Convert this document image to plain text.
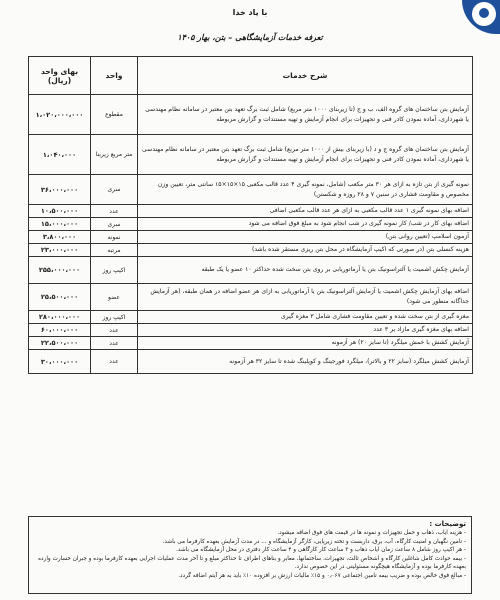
با یاد خدا
تعرفه خدمات آزمایشگاهی – بتن، بهار ۱۴۰۵
شرح خدمات	واحد	بهای واحد (ریال)
آزمایش بتن ساختمان های گروه الف، ب و ج (تا زیربنای ۱۰۰۰ متر مربع) شامل ثبت برگ تعهد بتن معتبر در سامانه نظام مهندسی یا شهرداری، آماده نمودن کادر فنی و تجهیزات برای انجام آزمایش و تهیه مستندات و گزارش مربوطه	مقطوع	۱،۰۲۰،۰۰۰،۰۰۰
آزمایش بتن ساختمان های گروه ج و د (با زیربنای بیش از ۱۰۰۰ متر مربع) شامل ثبت برگ تعهد بتن معتبر در سامانه نظام مهندسی یا شهرداری، آماده نمودن کادر فنی و تجهیزات برای انجام آزمایش و تهیه مستندات و گزارش مربوطه	متر مربع زیربنا	۱،۰۴۰،۰۰۰
نمونه گیری از بتن تازه به ازای هر ۳۰ متر مکعب (شامل، نمونه گیری ۴ عدد قالب مکعبی ۱۵×۱۵×۱۵ سانتی متر، تعیین وزن مخصوص و مقاومت فشاری در سنین ۷ و ۲۸ روزه و شکستن)	سری	۳۶،۰۰۰،۰۰۰
اضافه بهای نمونه گیری ۱ عدد قالب مکعبی به ازای هر عدد قالب مکعبی اضافی	عدد	۱۰،۵۰۰،۰۰۰
اضافه بهای کار در شب/ کار نمونه گیری در شب انجام شود به مبلغ فوق اضافه می شود	سری	۱۵،۰۰۰،۰۰۰
آزمون اسلامپ (تعیین روانی بتن)	نمونه	۳،۸۰۰،۰۰۰
هزینه کنسلی بتن (در صورتی که اکیپ آزمایشگاه در محل بتن ریزی مستقر شده باشد)	مرتبه	۲۳،۰۰۰،۰۰۰
آزمایش چکش اشمیت یا آلتراسونیک بتن یا آرماتوریابی بر روی بتن سخت شده حداکثر ۱۰ عضو یا یک طبقه	اکیپ روز	۲۵۵،۰۰۰،۰۰۰
اضافه بهای آزمایش چکش اشمیت یا آزمایش آلتراسونیک بتن یا آرماتوریابی به ازای هر عضو اضافه در همان طبقه، (هر آزمایش جداگانه منظور می شود)	عضو	۲۵،۵۰۰،۰۰۰
مغزه گیری از بتن سخت شده و تعیین مقاومت فشاری شامل ۳ مغزه گیری	اکیپ روز	۲۸۰،۰۰۰،۰۰۰
اضافه بهای مغزه گیری مازاد بر ۳ عدد	عدد	۶۰،۰۰۰،۰۰۰
آزمایش کشش با خمش میلگرد (تا سایز ۲۰) هر آزمونه	عدد	۲۲،۵۰۰،۰۰۰
آزمایش کشش میلگرد (سایز ۲۲ و بالاتر)، میلگرد فورجینگ و کوپلینگ شده تا سایز ۳۲ هر آزمونه	عدد	۳۰،۰۰۰،۰۰۰
توضیحات :
- هزینه ایاب، ذهاب و حمل تجهیزات و نمونه ها در قیمت های فوق اضافه میشود.
- تامین نگهبان و امنیت کارگاه، آب، برق، داربست و تخته زیرپایی، کارگر آزمایشگاه و ... در مدت آزمایش بعهده کارفرما می باشد.
- هر اکیپ روز شامل ۸ ساعت زمان ایاب ذهاب و ۳ ساعت کار کارگاهی و ۴ ساعت کار دفتری در محل آزمایشگاه می باشد.
- بیمه حوادث کامل شاغلین کارگاه و اشخاص ثالث، تجهیزات، ساختمانها، معابر و بناهای اطراف تا حداکثر مبلغ و تا آخر مدت عملیات اجرایی بعهده کارفرما بوده و جبران خسارت وارده بعهده کارفرما بوده و آزمایشگاه هیچگونه مسئولیتی در این خصوص ندارد.
- مبالغ فوق خالص بوده و ضریب بیمه تامین اجتماعی ۰٫۰۶۷ و ۱۵٪ مالیات ارزش بر افزوده ۱۰٪ باید به هر آیتم اضافه گردد.
